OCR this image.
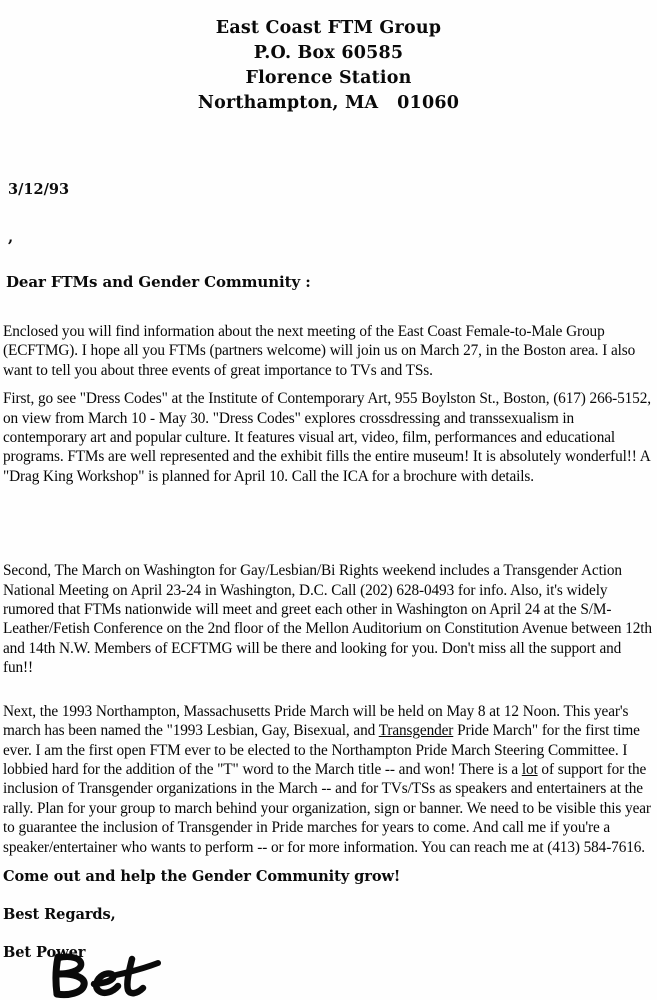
East Coast FTM Group
P.O. Box 60585
Florence Station
Northampton, MA   01060
3/12/93
,
Dear FTMs and Gender Community :

Enclosed you will find information about the next meeting of the East Coast Female-to-Male Group (ECFTMG). I hope all you FTMs (partners welcome) will join us on March 27, in the Boston area. I also want to tell you about three events of great importance to TVs and TSs.

First, go see "Dress Codes" at the Institute of Contemporary Art, 955 Boylston St., Boston, (617) 266-5152, on view from March 10 - May 30. "Dress Codes" explores crossdressing and transsexualism in contemporary art and popular culture. It features visual art, video, film, performances and educational programs. FTMs are well represented and the exhibit fills the entire museum! It is absolutely wonderful!! A "Drag King Workshop" is planned for April 10. Call the ICA for a brochure with details.

Second, The March on Washington for Gay/Lesbian/Bi Rights weekend includes a Transgender Action National Meeting on April 23-24 in Washington, D.C. Call (202) 628-0493 for info. Also, it's widely rumored that FTMs nationwide will meet and greet each other in Washington on April 24 at the S/M-Leather/Fetish Conference on the 2nd floor of the Mellon Auditorium on Constitution Avenue between 12th and 14th N.W. Members of ECFTMG will be there and looking for you. Don't miss all the support and fun!!

Next, the 1993 Northampton, Massachusetts Pride March will be held on May 8 at 12 Noon. This year's march has been named the "1993 Lesbian, Gay, Bisexual, and Transgender Pride March" for the first time ever. I am the first open FTM ever to be elected to the Northampton Pride March Steering Committee. I lobbied hard for the addition of the "T" word to the March title -- and won! There is a lot of support for the inclusion of Transgender organizations in the March -- and for TVs/TSs as speakers and entertainers at the rally. Plan for your group to march behind your organization, sign or banner. We need to be visible this year to guarantee the inclusion of Transgender in Pride marches for years to come. And call me if you're a speaker/entertainer who wants to perform -- or for more information. You can reach me at (413) 584-7616.

Come out and help the Gender Community grow!
Best Regards,
Bet Power
